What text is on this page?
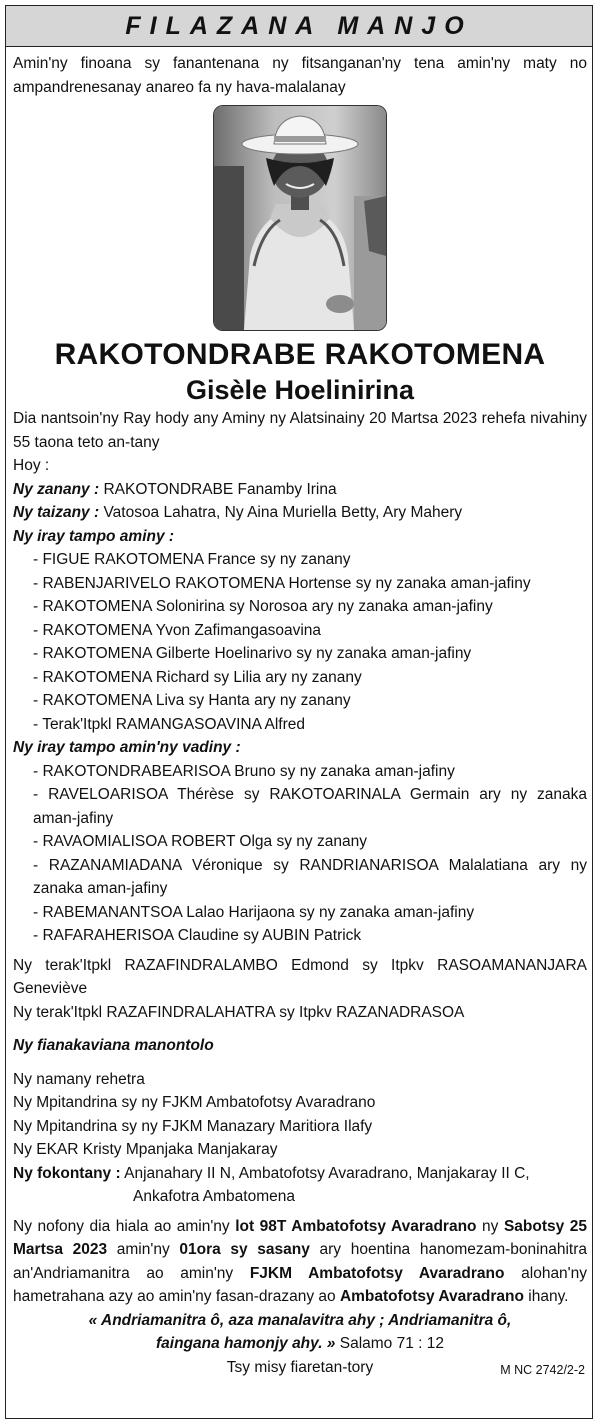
FILAZANA MANJO

Amin'ny finoana sy fanantenana ny fitsanganan'ny tena amin'ny maty no ampandrenesanay anareo fa ny hava-malalanay

RAKOTONDRABE RAKOTOMENA

Gisèle Hoelinirina

Dia nantsoin'ny Ray hody any Aminy ny Alatsinainy 20 Martsa 2023 rehefa nivahiny 55 taona teto an-tany

Hoy :

Ny zanany : RAKOTONDRABE Fanamby Irina

Ny taizany : Vatosoa Lahatra, Ny Aina Muriella Betty, Ary Mahery

Ny iray tampo aminy :

- FIGUE RAKOTOMENA France sy ny zanany

- RABENJARIVELO RAKOTOMENA Hortense sy ny zanaka aman-jafiny

- RAKOTOMENA Solonirina sy Norosoa ary ny zanaka aman-jafiny

- RAKOTOMENA Yvon Zafimangasoavina

- RAKOTOMENA Gilberte Hoelinarivo sy ny zanaka aman-jafiny

- RAKOTOMENA Richard sy Lilia ary ny zanany

- RAKOTOMENA Liva sy Hanta ary ny zanany

- Terak'Itpkl RAMANGASOAVINA Alfred

Ny iray tampo amin'ny vadiny :

- RAKOTONDRABEARISOA Bruno sy ny zanaka aman-jafiny

- RAVELOARISOA Thérèse sy RAKOTOARINALA Germain ary ny zanaka aman-jafiny

- RAVAOMIALISOA ROBERT Olga sy ny zanany

- RAZANAMIADANA Véronique sy RANDRIANARISOA Malalatiana ary ny zanaka aman-jafiny

- RABEMANANTSOA Lalao Harijaona sy ny zanaka aman-jafiny

- RAFARAHERISOA Claudine sy AUBIN Patrick

Ny terak'Itpkl RAZAFINDRALAMBO Edmond sy Itpkv RASOAMANANJARA Geneviève

Ny terak'Itpkl RAZAFINDRALAHATRA sy Itpkv RAZANADRASOA

Ny fianakaviana manontolo

Ny namany rehetra

Ny Mpitandrina sy ny FJKM Ambatofotsy Avaradrano

Ny Mpitandrina sy ny FJKM Manazary Maritiora Ilafy

Ny EKAR Kristy Mpanjaka Manjakaray

Ny fokontany : Anjanahary II N, Ambatofotsy Avaradrano, Manjakaray II C,

Ankafotra Ambatomena

Ny nofony dia hiala ao amin'ny lot 98T Ambatofotsy Avaradrano ny Sabotsy 25 Martsa 2023 amin'ny 01ora sy sasany ary hoentina hanomezam-boninahitra an'Andriamanitra ao amin'ny FJKM Ambatofotsy Avaradrano alohan'ny hametrahana azy ao amin'ny fasan-drazany ao Ambatofotsy Avaradrano ihany.

« Andriamanitra ô, aza manalavitra ahy ; Andriamanitra ô,

faingana hamonjy ahy. » Salamo 71 : 12

Tsy misy fiaretan-tory	M NC 2742/2-2
